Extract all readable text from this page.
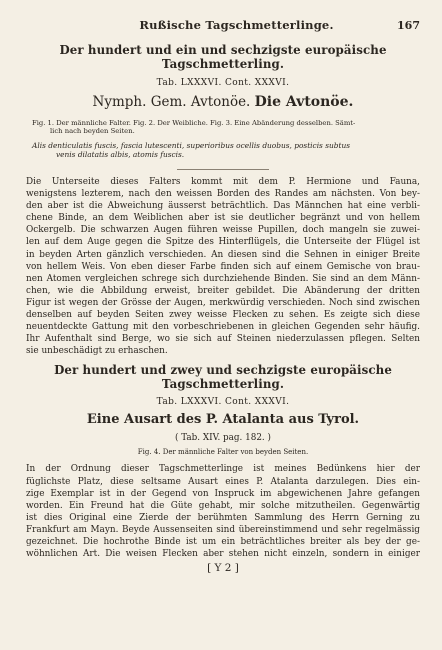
Rußische Tagschmetterlinge.	167
Der hundert und ein und sechzigste europäische Tagschmetterling.
Tab. LXXXVI. Cont. XXXVI.
Nymph. Gem. Avtonöe. Die Avtonöe.
Fig. 1. Der männliche Falter. Fig. 2. Der Weibliche. Fig. 3. Eine Abänderung desselben. Sämt-
lich nach beyden Seiten.
Alis denticulatis fuscis, fascia lutescenti, superioribus ocellis duobus, posticis subtus
venis dilatatis albis, atomis fuscis.
Die Unterseite dieses Falters kommt mit dem P. Hermione und Fauna,
wenigstens lezterem, nach den weissen Borden des Randes am nächsten. Von bey-
den aber ist die Abweichung äusserst beträchtlich. Das Männchen hat eine verbli-
chene Binde, an dem Weiblichen aber ist sie deutlicher begränzt und von hellem
Ockergelb. Die schwarzen Augen führen weisse Pupillen, doch mangeln sie zuwei-
len auf dem Auge gegen die Spitze des Hinterflügels, die Unterseite der Flügel ist
in beyden Arten gänzlich verschieden. An diesen sind die Sehnen in einiger Breite
von hellem Weis. Von eben dieser Farbe finden sich auf einem Gemische von brau-
nen Atomen vergleichen schrege sich durchziehende Binden. Sie sind an dem Männ-
chen, wie die Abbildung erweist, breiter gebildet. Die Abänderung der dritten
Figur ist wegen der Grösse der Augen, merkwürdig verschieden. Noch sind zwischen
denselben auf beyden Seiten zwey weisse Flecken zu sehen. Es zeigte sich diese
neuentdeckte Gattung mit den vorbeschriebenen in gleichen Gegenden sehr häufig.
Ihr Aufenthalt sind Berge, wo sie sich auf Steinen niederzulassen pflegen. Selten
sie unbeschädigt zu erhaschen.
Der hundert und zwey und sechzigste europäische Tagschmetterling.
Tab. LXXXVI. Cont. XXXVI.
Eine Ausart des P. Atalanta aus Tyrol.
( Tab. XIV. pag. 182. )
Fig. 4. Der männliche Falter von beyden Seiten.
In der Ordnung dieser Tagschmetterlinge ist meines Bedünkens hier der
füglichste Platz, diese seltsame Ausart eines P. Atalanta darzulegen. Dies ein-
zige Exemplar ist in der Gegend von Inspruck im abgewichenen Jahre gefangen
worden. Ein Freund hat die Güte gehabt, mir solche mitzutheilen. Gegenwärtig
ist dies Original eine Zierde der berühmten Sammlung des Herrn Gerning zu
Frankfurt am Mayn. Beyde Aussenseiten sind übereinstimmend und sehr regelmässig
gezeichnet. Die hochrothe Binde ist um ein beträchtliches breiter als bey der ge-
wöhnlichen Art. Die weisen Flecken aber stehen nicht einzeln, sondern in einiger
[ Y 2 ]
